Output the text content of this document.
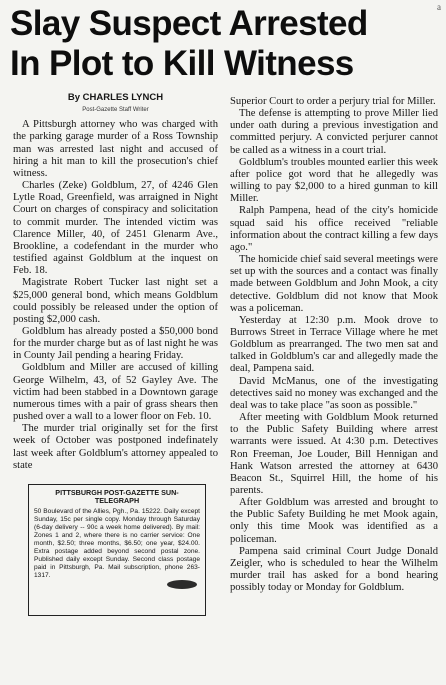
Slay Suspect Arrested
In Plot to Kill Witness
a

By CHARLES LYNCH

Post-Gazette Staff Writer

A Pittsburgh attorney who was charged with the parking garage murder of a Ross Township man was arrested last night and accused of hiring a hit man to kill the prosecution's chief witness.

Charles (Zeke) Goldblum, 27, of 4246 Glen Lytle Road, Greenfield, was arraigned in Night Court on charges of conspiracy and solicitation to commit murder. The intended victim was Clarence Miller, 40, of 2451 Glenarm Ave., Brookline, a codefendant in the murder who testified against Goldblum at the inquest on Feb. 18.

Magistrate Robert Tucker last night set a $25,000 general bond, which means Goldblum could possibly be released under the option of posting $2,000 cash.

Goldblum has already posted a $50,000 bond for the murder charge but as of last night he was in County Jail pending a hearing Friday.

Goldblum and Miller are accused of killing George Wilhelm, 43, of 52 Gayley Ave. The victim had been stabbed in a Downtown garage numerous times with a pair of grass shears then pushed over a wall to a lower floor on Feb. 10.

The murder trial originally set for the first week of October was postponed indefinately last week after Goldblum's attorney appealed to state

PITTSBURGH POST-GAZETTE SUN-TELEGRAPH

50 Boulevard of the Allies, Pgh., Pa. 15222. Daily except Sunday, 15c per single copy. Monday through Saturday (6-day delivery -- 90c a week home delivered). By mail: Zones 1 and 2, where there is no carrier service: One month, $2.50; three months, $6.50; one year, $24.00. Extra postage added beyond second postal zone. Published daily except Sunday. Second class postage paid in Pittsburgh, Pa. Mail subscription, phone 263-1317.

Superior Court to order a perjury trial for Miller.

The defense is attempting to prove Miller lied under oath during a previous investigation and committed perjury. A convicted perjurer cannot be called as a witness in a court trial.

Goldblum's troubles mounted earlier this week after police got word that he allegedly was willing to pay $2,000 to a hired gunman to kill Miller.

Ralph Pampena, head of the city's homicide squad said his office received "reliable information about the contract killing a few days ago."

The homicide chief said several meetings were set up with the sources and a contact was finally made between Goldblum and John Mook, a city detective. Goldblum did not know that Mook was a policeman.

Yesterday at 12:30 p.m. Mook drove to Burrows Street in Terrace Village where he met Goldblum as prearranged. The two men sat and talked in Goldblum's car and allegedly made the deal, Pampena said.

David McManus, one of the investigating detectives said no money was exchanged and the deal was to take place "as soon as possible."

After meeting with Goldblum Mook returned to the Public Safety Building where arrest warrants were issued. At 4:30 p.m. Detectives Ron Freeman, Joe Louder, Bill Hennigan and Hank Watson arrested the attorney at 6430 Beacon St., Squirrel Hill, the home of his parents.

After Goldblum was arrested and brought to the Public Safety Building he met Mook again, only this time Mook was identified as a policeman.

Pampena said criminal Court Judge Donald Zeigler, who is scheduled to hear the Wilhelm murder trail has asked for a bond hearing possibly today or Monday for Goldblum.
